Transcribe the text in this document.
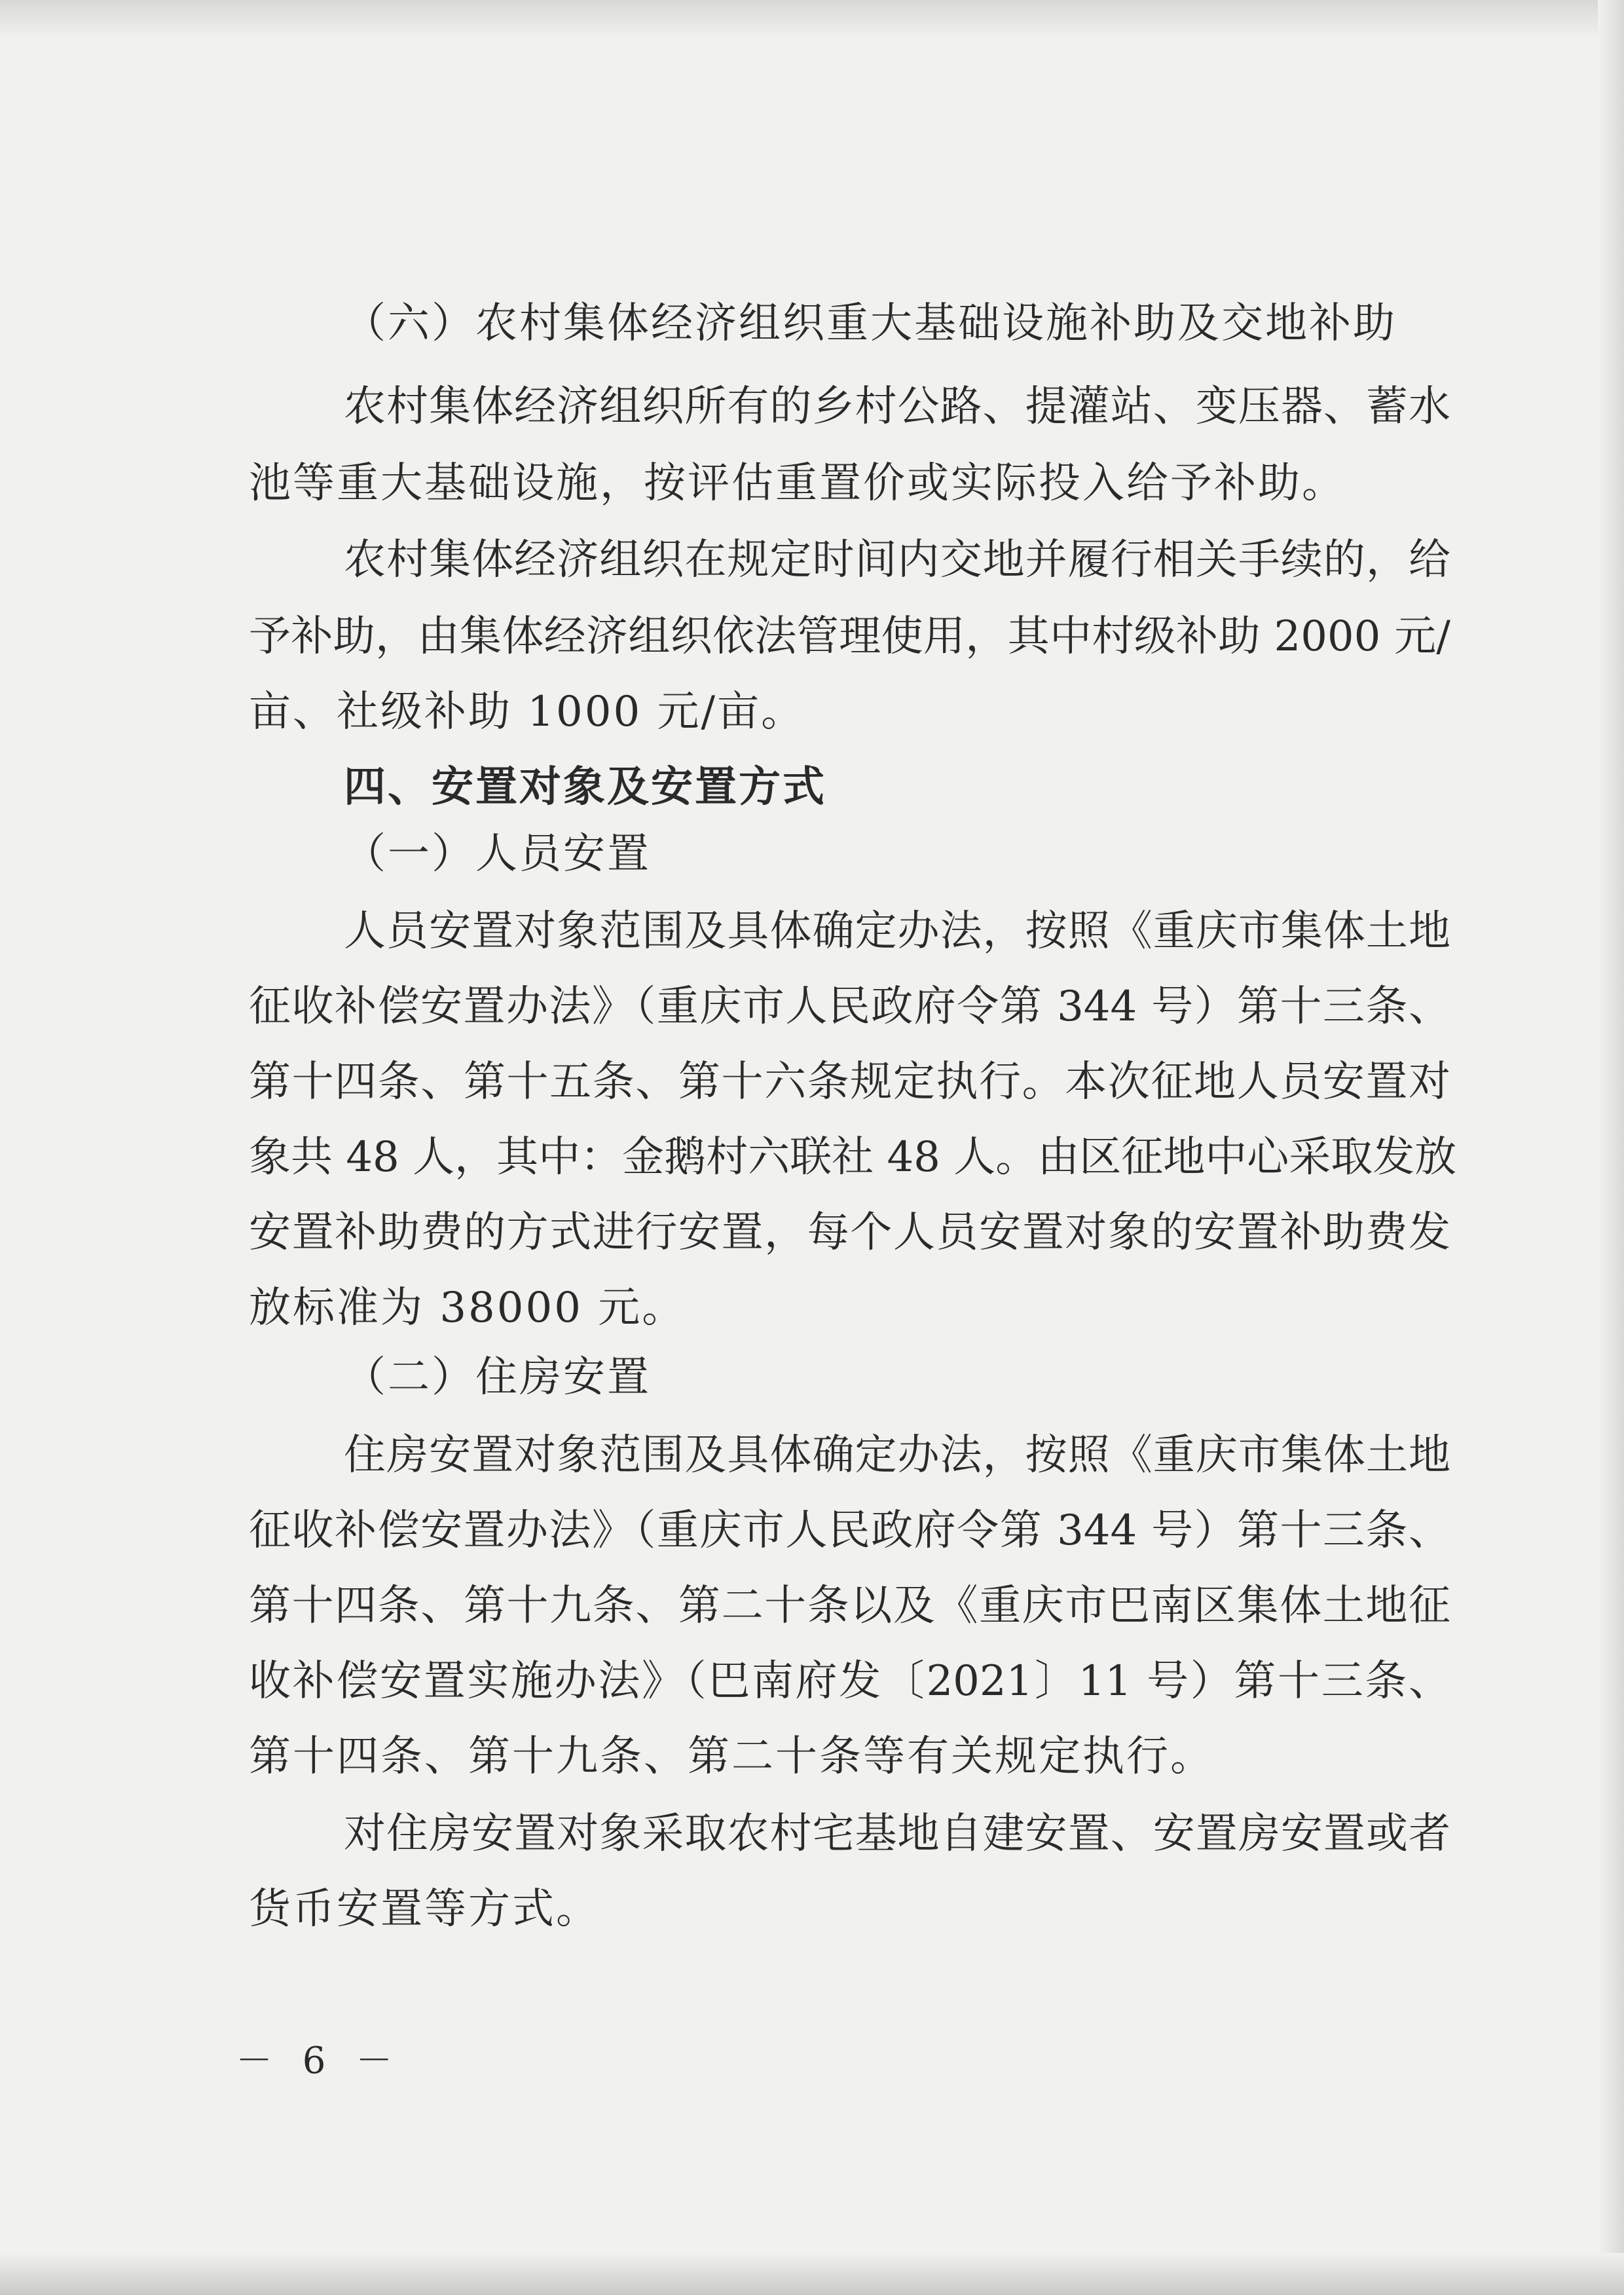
（六）农村集体经济组织重大基础设施补助及交地补助

农村集体经济组织所有的乡村公路、提灌站、变压器、蓄水

池等重大基础设施，按评估重置价或实际投入给予补助。

农村集体经济组织在规定时间内交地并履行相关手续的，给

予补助，由集体经济组织依法管理使用，其中村级补助 2000 元/

亩、社级补助 1000 元/亩。

四、安置对象及安置方式

（一）人员安置

人员安置对象范围及具体确定办法，按照《重庆市集体土地

征收补偿安置办法》（重庆市人民政府令第 344 号）第十三条、

第十四条、第十五条、第十六条规定执行。本次征地人员安置对

象共 48 人，其中：金鹅村六联社 48 人。由区征地中心采取发放

安置补助费的方式进行安置，每个人员安置对象的安置补助费发

放标准为 38000 元。

（二）住房安置

住房安置对象范围及具体确定办法，按照《重庆市集体土地

征收补偿安置办法》（重庆市人民政府令第 344 号）第十三条、

第十四条、第十九条、第二十条以及《重庆市巴南区集体土地征

收补偿安置实施办法》（巴南府发〔2021〕11 号）第十三条、

第十四条、第十九条、第二十条等有关规定执行。

对住房安置对象采取农村宅基地自建安置、安置房安置或者

货币安置等方式。

－ 6 －
